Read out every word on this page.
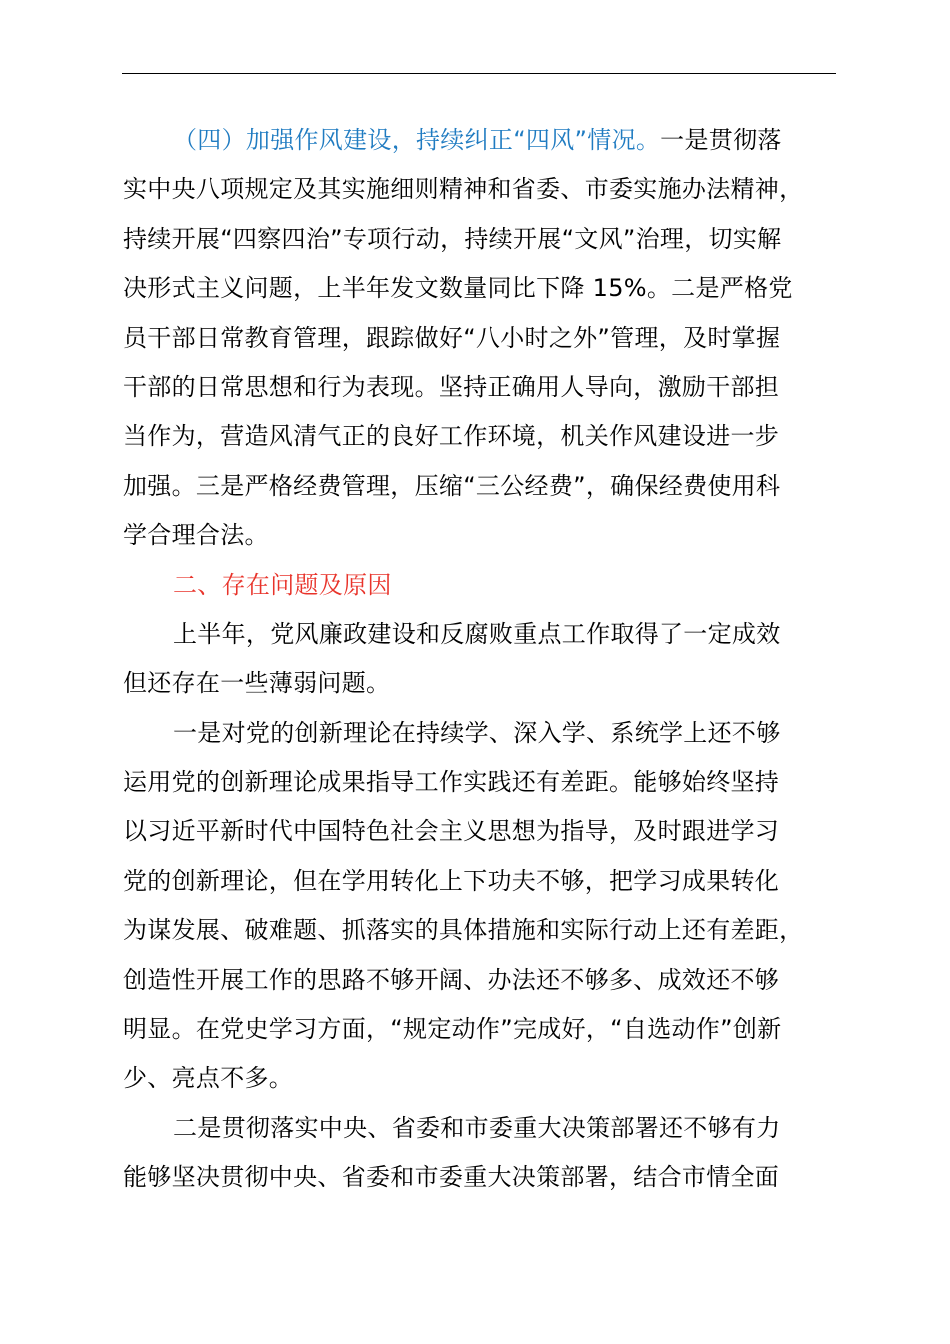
（四）加强作风建设，持续纠正“四风”情况。一是贯彻落
实中央八项规定及其实施细则精神和省委、市委实施办法精神，
持续开展“四察四治”专项行动，持续开展“文风”治理，切实解
决形式主义问题，上半年发文数量同比下降 15%。二是严格党
员干部日常教育管理，跟踪做好“八小时之外”管理，及时掌握
干部的日常思想和行为表现。坚持正确用人导向，激励干部担
当作为，营造风清气正的良好工作环境，机关作风建设进一步
加强。三是严格经费管理，压缩“三公经费”，确保经费使用科
学合理合法。
二、存在问题及原因
上半年，党风廉政建设和反腐败重点工作取得了一定成效
但还存在一些薄弱问题。
一是对党的创新理论在持续学、深入学、系统学上还不够
运用党的创新理论成果指导工作实践还有差距。能够始终坚持
以习近平新时代中国特色社会主义思想为指导，及时跟进学习
党的创新理论，但在学用转化上下功夫不够，把学习成果转化
为谋发展、破难题、抓落实的具体措施和实际行动上还有差距，
创造性开展工作的思路不够开阔、办法还不够多、成效还不够
明显。在党史学习方面，“规定动作”完成好，“自选动作”创新
少、亮点不多。
二是贯彻落实中央、省委和市委重大决策部署还不够有力
能够坚决贯彻中央、省委和市委重大决策部署，结合市情全面
